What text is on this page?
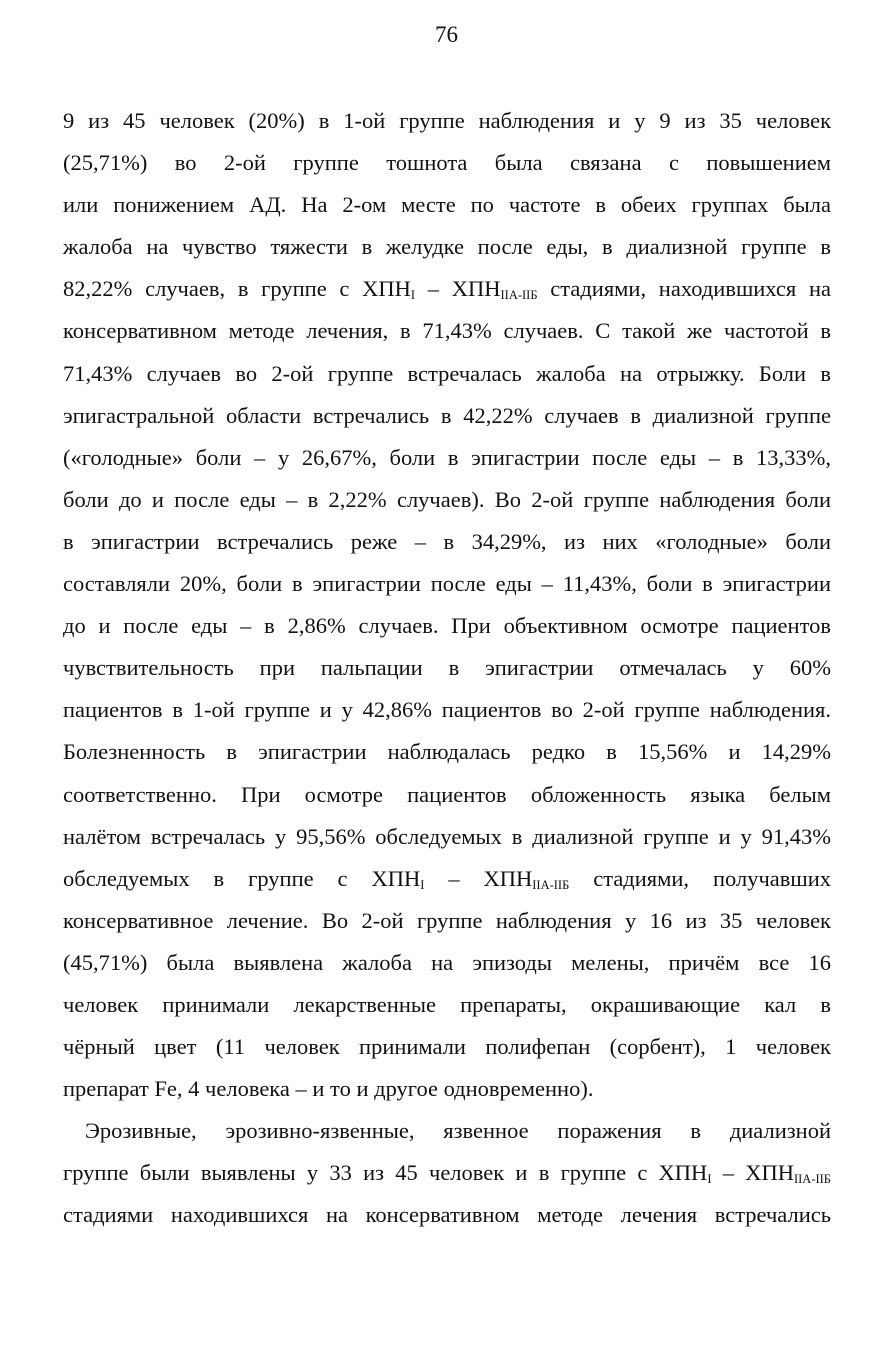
76
9 из 45 человек (20%) в 1-ой группе наблюдения и у 9 из 35 человек
(25,71%) во 2-ой группе тошнота была связана с повышением
или понижением АД. На 2-ом месте по частоте в обеих группах была
жалоба на чувство тяжести в желудке после еды, в диализной группе в
82,22% случаев, в группе с $ХПН_I - ХПН_{IIА-IIБ}$ стадиями, находившихся на
консервативном методе лечения, в 71,43% случаев. С такой же частотой в
71,43% случаев во 2-ой группе встречалась жалоба на отрыжку. Боли в
эпигастральной области встречались в 42,22% случаев в диализной группе
(«голодные» боли – у 26,67%, боли в эпигастрии после еды – в 13,33%,
боли до и после еды – в 2,22% случаев). Во 2-ой группе наблюдения боли
в эпигастрии встречались реже – в 34,29%, из них «голодные» боли
составляли 20%, боли в эпигастрии после еды – 11,43%, боли в эпигастрии
до и после еды – в 2,86% случаев. При объективном осмотре пациентов
чувствительность при пальпации в эпигастрии отмечалась у 60%
пациентов в 1-ой группе и у 42,86% пациентов во 2-ой группе наблюдения.
Болезненность в эпигастрии наблюдалась редко в 15,56% и 14,29%
соответственно. При осмотре пациентов обложенность языка белым
налётом встречалась у 95,56% обследуемых в диализной группе и у 91,43%
обследуемых в группе с $ХПН_I - ХПН_{IIА-IIБ}$ стадиями, получавших
консервативное лечение. Во 2-ой группе наблюдения у 16 из 35 человек
(45,71%) была выявлена жалоба на эпизоды мелены, причём все 16
человек принимали лекарственные препараты, окрашивающие кал в
чёрный цвет (11 человек принимали полифепан (сорбент), 1 человек
препарат Fe, 4 человека – и то и другое одновременно).
Эрозивные, эрозивно-язвенные, язвенное поражения в диализной
группе были выявлены у 33 из 45 человек и в группе с $ХПН_I - ХПН_{IIА-IIБ}$
стадиями находившихся на консервативном методе лечения встречались
